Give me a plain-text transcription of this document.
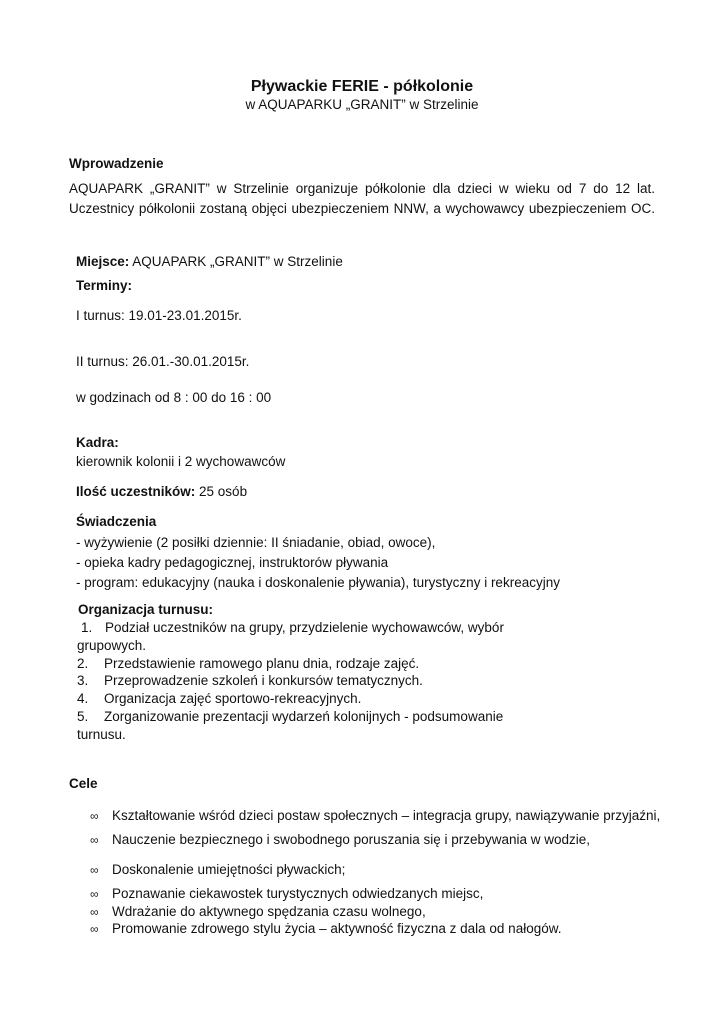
Pływackie FERIE - półkolonie
w AQUAPARKU „GRANIT” w Strzelinie
Wprowadzenie
AQUAPARK „GRANIT” w Strzelinie organizuje półkolonie dla dzieci w wieku od 7 do 12 lat.
Uczestnicy półkolonii zostaną objęci ubezpieczeniem NNW, a wychowawcy ubezpieczeniem OC.
Miejsce: AQUAPARK „GRANIT” w Strzelinie
Terminy:
I turnus: 19.01-23.01.2015r.
II turnus: 26.01.-30.01.2015r.
w godzinach od 8 : 00 do 16 : 00
Kadra:
kierownik kolonii i 2 wychowawców
Ilość uczestników: 25 osób
Świadczenia
- wyżywienie (2 posiłki dziennie: II śniadanie, obiad, owoce),
- opieka kadry pedagogicznej, instruktorów pływania
- program: edukacyjny (nauka i doskonalenie pływania), turystyczny i rekreacyjny
Organizacja turnusu:
1. Podział uczestników na grupy, przydzielenie wychowawców, wybór
grupowych.
2. Przedstawienie ramowego planu dnia, rodzaje zajęć.
3. Przeprowadzenie szkoleń i konkursów tematycznych.
4. Organizacja zajęć sportowo-rekreacyjnych.
5. Zorganizowanie prezentacji wydarzeń kolonijnych - podsumowanie
turnusu.
Cele
∞ Kształtowanie wśród dzieci postaw społecznych – integracja grupy, nawiązywanie przyjaźni,
∞ Nauczenie bezpiecznego i swobodnego poruszania się i przebywania w wodzie,
∞ Doskonalenie umiejętności pływackich;
∞ Poznawanie ciekawostek turystycznych odwiedzanych miejsc,
∞ Wdrażanie do aktywnego spędzania czasu wolnego,
∞ Promowanie zdrowego stylu życia – aktywność fizyczna z dala od nałogów.
